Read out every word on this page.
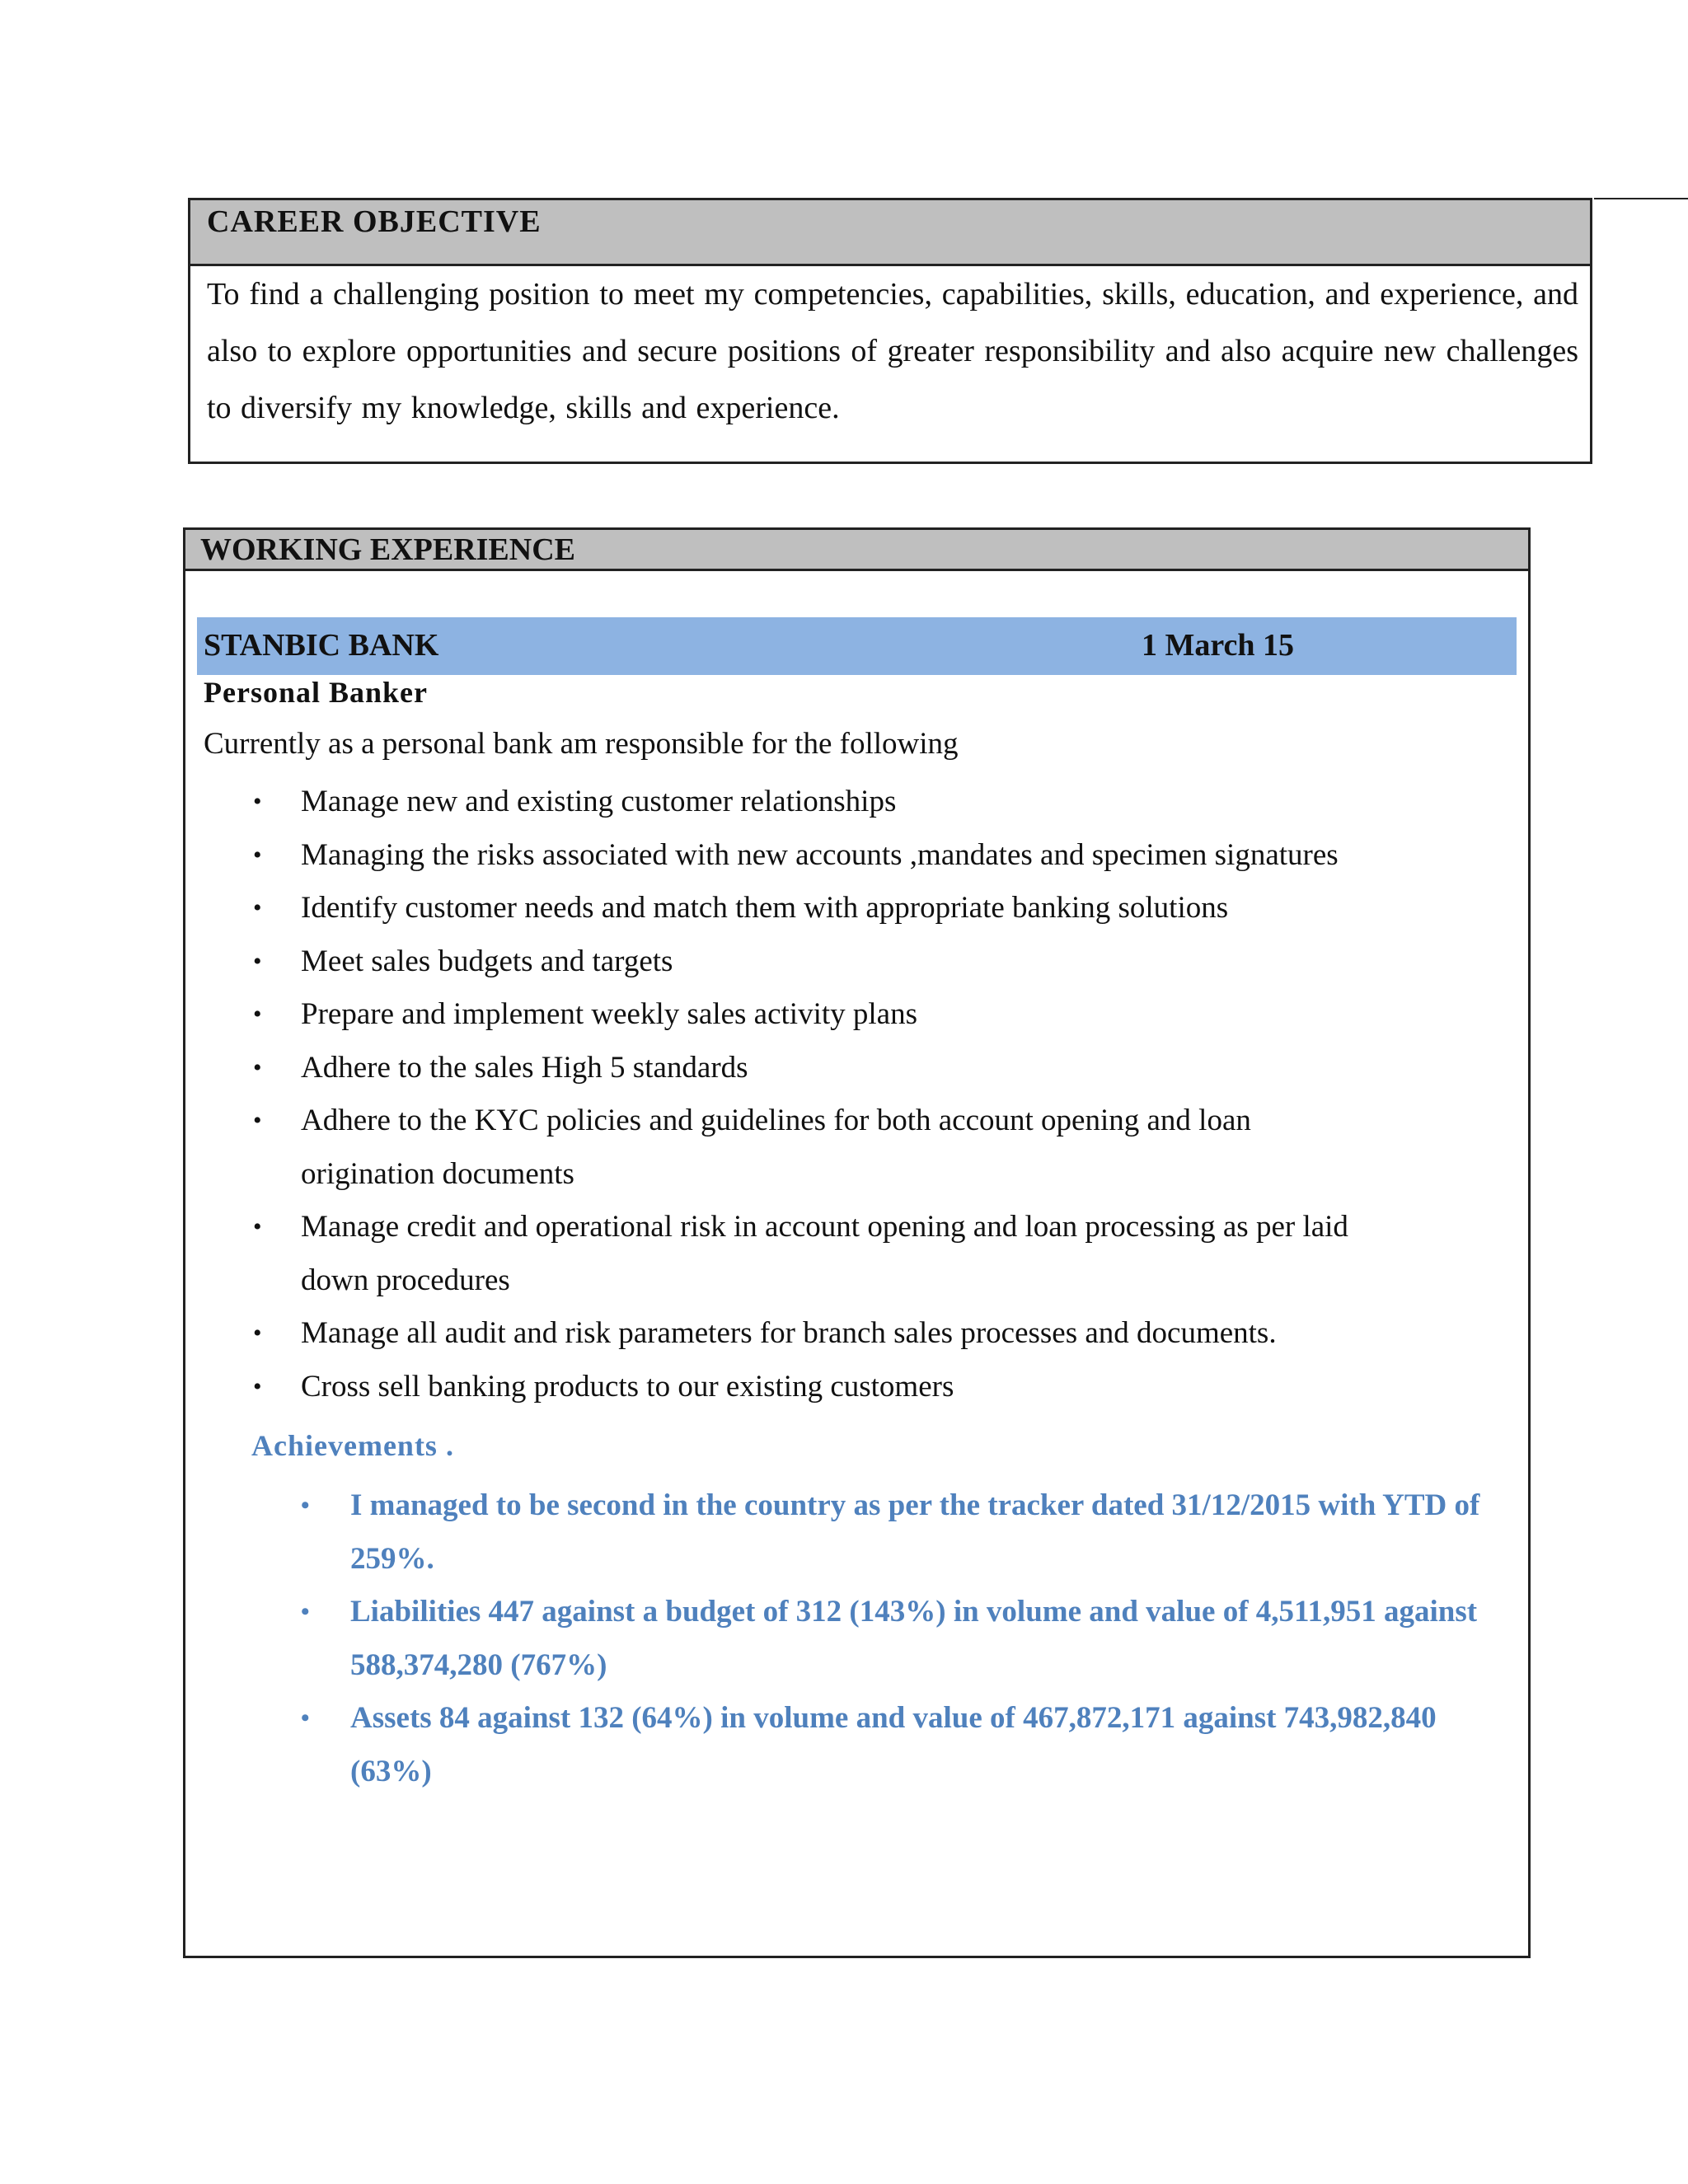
CAREER OBJECTIVE
To find a challenging position to meet my competencies, capabilities, skills, education, and experience, and also to explore opportunities and secure positions of greater responsibility and also acquire new challenges to diversify my knowledge, skills and experience.
WORKING EXPERIENCE
STANBIC BANK	1 March 15
Personal Banker
Currently as a personal bank am responsible for the following
• Manage new and existing customer relationships
• Managing the risks associated with new accounts ,mandates and specimen signatures
• Identify customer needs and match them with appropriate banking solutions
• Meet sales budgets and targets
• Prepare and implement weekly sales activity plans
• Adhere to the sales High 5 standards
• Adhere to the KYC policies and guidelines for both account opening and loan origination documents
• Manage credit and operational risk in account opening and loan processing as per laid down procedures
• Manage all audit and risk parameters for branch sales processes and documents.
• Cross sell banking products to our existing customers
Achievements .
• I managed to be second in the country as per the tracker dated 31/12/2015 with YTD of 259%.
• Liabilities 447 against a budget of 312 (143%) in volume and value of 4,511,951 against 588,374,280 (767%)
• Assets 84 against 132 (64%) in volume and value of 467,872,171 against 743,982,840 (63%)
